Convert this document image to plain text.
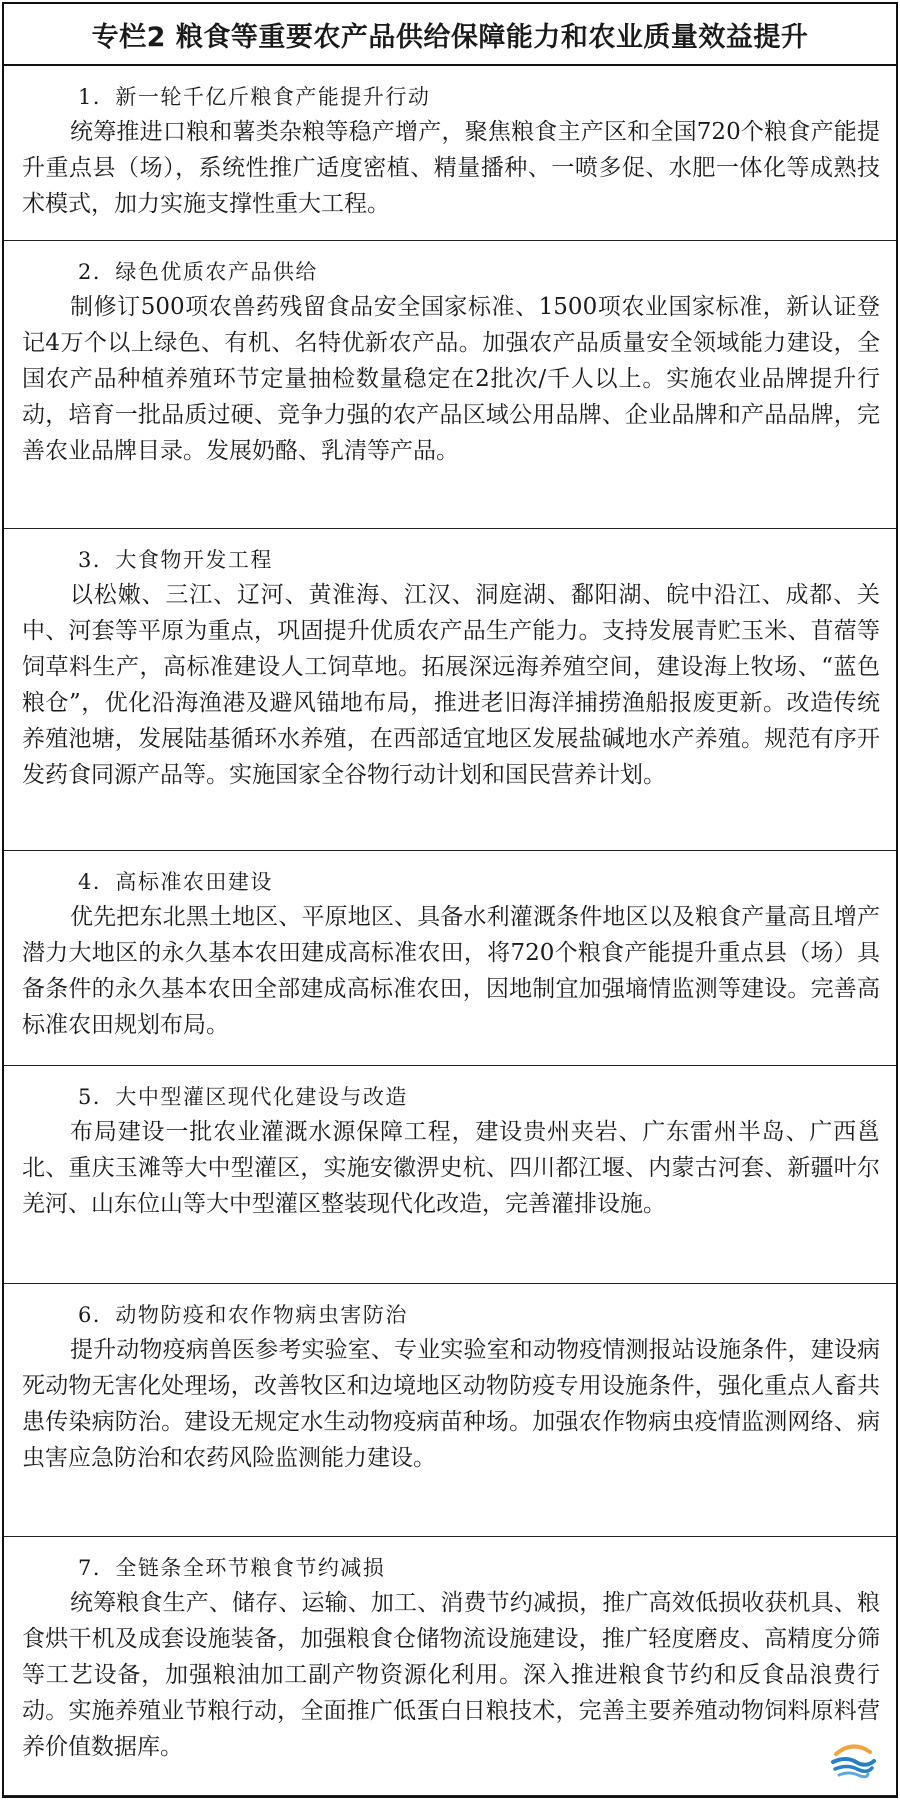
专栏2 粮食等重要农产品供给保障能力和农业质量效益提升
1．新一轮千亿斤粮食产能提升行动

统筹推进口粮和薯类杂粮等稳产增产，聚焦粮食主产区和全国720个粮食产能提升重点县（场），系统性推广适度密植、精量播种、一喷多促、水肥一体化等成熟技术模式，加力实施支撑性重大工程。

2．绿色优质农产品供给

制修订500项农兽药残留食品安全国家标准、1500项农业国家标准，新认证登记4万个以上绿色、有机、名特优新农产品。加强农产品质量安全领域能力建设，全国农产品种植养殖环节定量抽检数量稳定在2批次/千人以上。实施农业品牌提升行动，培育一批品质过硬、竞争力强的农产品区域公用品牌、企业品牌和产品品牌，完善农业品牌目录。发展奶酪、乳清等产品。

3．大食物开发工程

以松嫩、三江、辽河、黄淮海、江汉、洞庭湖、鄱阳湖、皖中沿江、成都、关中、河套等平原为重点，巩固提升优质农产品生产能力。支持发展青贮玉米、苜蓿等饲草料生产，高标准建设人工饲草地。拓展深远海养殖空间，建设海上牧场、“蓝色粮仓”，优化沿海渔港及避风锚地布局，推进老旧海洋捕捞渔船报废更新。改造传统养殖池塘，发展陆基循环水养殖，在西部适宜地区发展盐碱地水产养殖。规范有序开发药食同源产品等。实施国家全谷物行动计划和国民营养计划。

4．高标准农田建设

优先把东北黑土地区、平原地区、具备水利灌溉条件地区以及粮食产量高且增产潜力大地区的永久基本农田建成高标准农田，将720个粮食产能提升重点县（场）具备条件的永久基本农田全部建成高标准农田，因地制宜加强墒情监测等建设。完善高标准农田规划布局。

5．大中型灌区现代化建设与改造

布局建设一批农业灌溉水源保障工程，建设贵州夹岩、广东雷州半岛、广西邕北、重庆玉滩等大中型灌区，实施安徽淠史杭、四川都江堰、内蒙古河套、新疆叶尔羌河、山东位山等大中型灌区整装现代化改造，完善灌排设施。

6．动物防疫和农作物病虫害防治

提升动物疫病兽医参考实验室、专业实验室和动物疫情测报站设施条件，建设病死动物无害化处理场，改善牧区和边境地区动物防疫专用设施条件，强化重点人畜共患传染病防治。建设无规定水生动物疫病苗种场。加强农作物病虫疫情监测网络、病虫害应急防治和农药风险监测能力建设。

7．全链条全环节粮食节约减损

统筹粮食生产、储存、运输、加工、消费节约减损，推广高效低损收获机具、粮食烘干机及成套设施装备，加强粮食仓储物流设施建设，推广轻度磨皮、高精度分筛等工艺设备，加强粮油加工副产物资源化利用。深入推进粮食节约和反食品浪费行动。实施养殖业节粮行动，全面推广低蛋白日粮技术，完善主要养殖动物饲料原料营养价值数据库。
